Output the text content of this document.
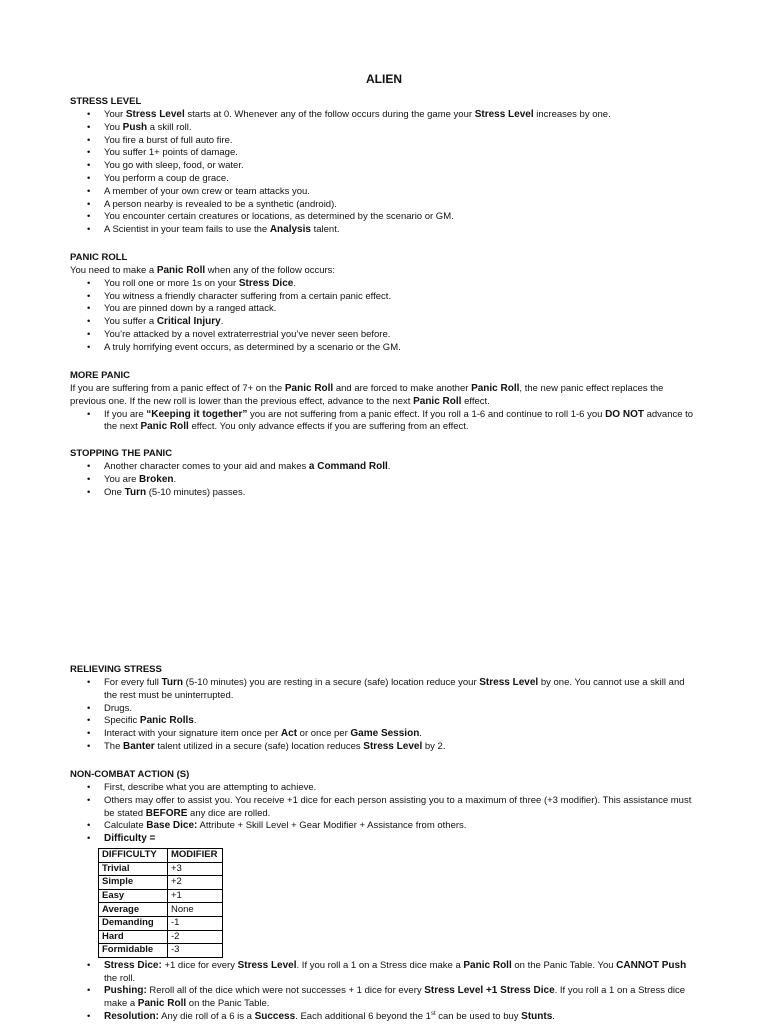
ALIEN
STRESS LEVEL
• Your Stress Level starts at 0. Whenever any of the follow occurs during the game your Stress Level increases by one.
• You Push a skill roll.
• You fire a burst of full auto fire.
• You suffer 1+ points of damage.
• You go with sleep, food, or water.
• You perform a coup de grace.
• A member of your own crew or team attacks you.
• A person nearby is revealed to be a synthetic (android).
• You encounter certain creatures or locations, as determined by the scenario or GM.
• A Scientist in your team fails to use the Analysis talent.
PANIC ROLL

You need to make a Panic Roll when any of the follow occurs:

• You roll one or more 1s on your Stress Dice.
• You witness a friendly character suffering from a certain panic effect.
• You are pinned down by a ranged attack.
• You suffer a Critical Injury.
• You’re attacked by a novel extraterrestrial you’ve never seen before.
• A truly horrifying event occurs, as determined by a scenario or the GM.
MORE PANIC

If you are suffering from a panic effect of 7+ on the Panic Roll and are forced to make another Panic Roll, the new panic effect replaces the previous one. If the new roll is lower than the previous effect, advance to the next Panic Roll effect.

• If you are “Keeping it together” you are not suffering from a panic effect. If you roll a 1-6 and continue to roll 1-6 you DO NOT advance to the next Panic Roll effect. You only advance effects if you are suffering from an effect.
STOPPING THE PANIC
• Another character comes to your aid and makes a Command Roll.
• You are Broken.
• One Turn (5-10 minutes) passes.
RELIEVING STRESS
• For every full Turn (5-10 minutes) you are resting in a secure (safe) location reduce your Stress Level by one. You cannot use a skill and the rest must be uninterrupted.
• Drugs.
• Specific Panic Rolls.
• Interact with your signature item once per Act or once per Game Session.
• The Banter talent utilized in a secure (safe) location reduces Stress Level by 2.
NON-COMBAT ACTION (S)
• First, describe what you are attempting to achieve.
• Others may offer to assist you. You receive +1 dice for each person assisting you to a maximum of three (+3 modifier). This assistance must be stated BEFORE any dice are rolled.
• Calculate Base Dice: Attribute + Skill Level + Gear Modifier + Assistance from others.
• Difficulty =
DIFFICULTY	MODIFIER
Trivial	+3
Simple	+2
Easy	+1
Average	None
Demanding	-1
Hard	-2
Formidable	-3
• Stress Dice: +1 dice for every Stress Level. If you roll a 1 on a Stress dice make a Panic Roll on the Panic Table. You CANNOT Push the roll.
• Pushing: Reroll all of the dice which were not successes + 1 dice for every Stress Level +1 Stress Dice. If you roll a 1 on a Stress dice make a Panic Roll on the Panic Table.
• Resolution: Any die roll of a 6 is a Success. Each additional 6 beyond the 1st can be used to buy Stunts.
